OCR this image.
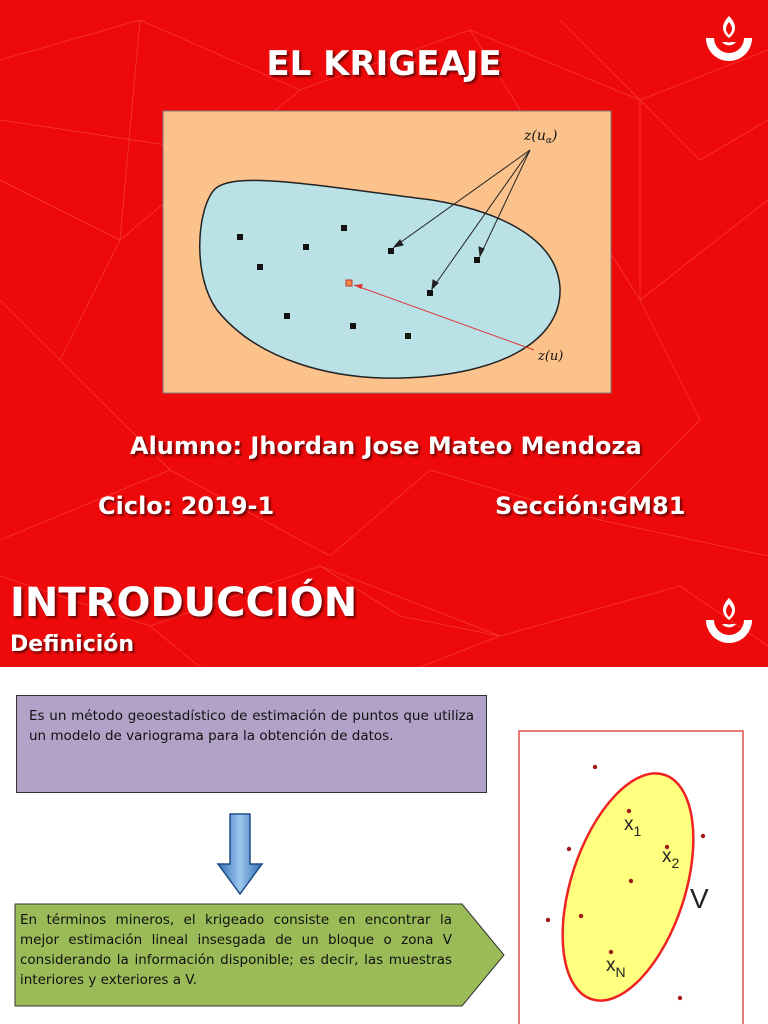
EL KRIGEAJE
$z(u_\alpha)$
z(u)
Alumno: Jhordan Jose Mateo Mendoza
Ciclo: 2019-1	Sección:GM81
INTRODUCCIÓN
Definición
Es un método geoestadístico de estimación de puntos que utiliza un modelo de variograma para la obtención de datos.
En términos mineros, el krigeado consiste en encontrar la mejor estimación lineal insesgada de un bloque o zona V considerando la información disponible; es decir, las muestras interiores y exteriores a V.
$x_1$
$x_2$
$x_N$
V
